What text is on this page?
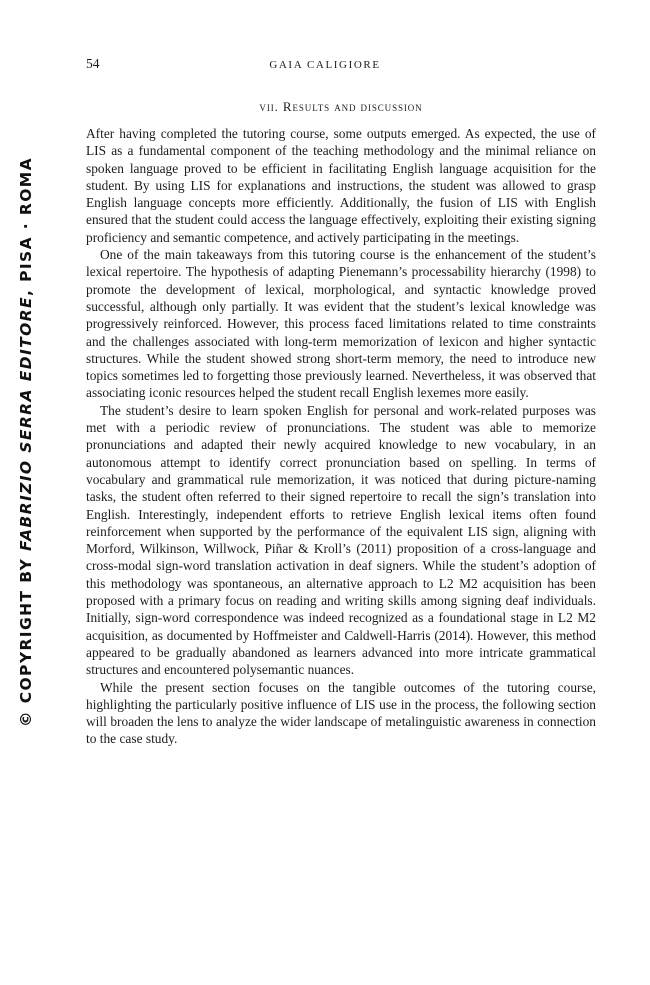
54	GAIA CALIGIORE
vii. Results and discussion

After having completed the tutoring course, some outputs emerged. As expected, the use of LIS as a fundamental component of the teaching methodology and the minimal reliance on spoken language proved to be efficient in facilitating English language acquisition for the student. By using LIS for explanations and instructions, the student was allowed to grasp English language concepts more efficiently. Additionally, the fusion of LIS with English ensured that the student could access the language effectively, exploiting their existing signing proficiency and semantic competence, and actively participating in the meetings.

One of the main takeaways from this tutoring course is the enhancement of the student’s lexical repertoire. The hypothesis of adapting Pienemann’s processability hierarchy (1998) to promote the development of lexical, morphological, and syntactic knowledge proved successful, although only partially. It was evident that the student’s lexical knowledge was progressively reinforced. However, this process faced limitations related to time constraints and the challenges associated with long-term memorization of lexicon and higher syntactic structures. While the student showed strong short-term memory, the need to introduce new topics sometimes led to forgetting those previously learned. Nevertheless, it was observed that associating iconic resources helped the student recall English lexemes more easily.

The student’s desire to learn spoken English for personal and work-related purposes was met with a periodic review of pronunciations. The student was able to memorize pronunciations and adapted their newly acquired knowledge to new vocabulary, in an autonomous attempt to identify correct pronunciation based on spelling. In terms of vocabulary and grammatical rule memorization, it was noticed that during picture-naming tasks, the student often referred to their signed repertoire to recall the sign’s translation into English. Interestingly, independent efforts to retrieve English lexical items often found reinforcement when supported by the performance of the equivalent LIS sign, aligning with Morford, Wilkinson, Willwock, Piñar & Kroll’s (2011) proposition of a cross-language and cross-modal sign-word translation activation in deaf signers. While the student’s adoption of this methodology was spontaneous, an alternative approach to L2 M2 acquisition has been proposed with a primary focus on reading and writing skills among signing deaf individuals. Initially, sign-word correspondence was indeed recognized as a foundational stage in L2 M2 acquisition, as documented by Hoffmeister and Caldwell-Harris (2014). However, this method appeared to be gradually abandoned as learners advanced into more intricate grammatical structures and encountered polysemantic nuances.

While the present section focuses on the tangible outcomes of the tutoring course, highlighting the particularly positive influence of LIS use in the process, the following section will broaden the lens to analyze the wider landscape of metalinguistic awareness in connection to the case study.

© COPYRIGHT BY FABRIZIO SERRA EDITORE, PISA · ROMA
